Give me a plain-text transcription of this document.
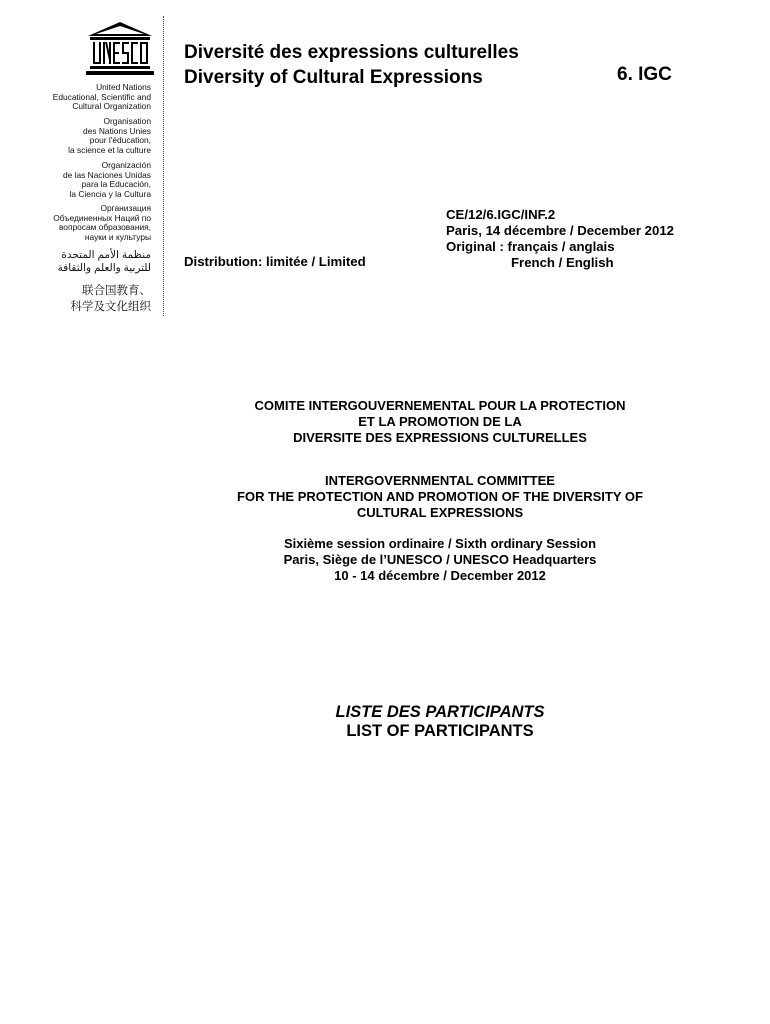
United Nations
Educational, Scientific and
Cultural Organization
Organisation
des Nations Unies
pour l'éducation,
la science et la culture
Organización
de las Naciones Unidas
para la Educación,
la Ciencia y la Cultura
Организация
Объединенных Наций по
вопросам образования,
науки и культуры
منظمة الأمم المتحدة
للتربية والعلم والثقافة
联合国教育、
科学及文化组织
Diversité des expressions culturelles
Diversity of Cultural Expressions	6. IGC
CE/12/6.IGC/INF.2
Paris, 14 décembre / December 2012
Original : français / anglais
French / English
Distribution: limitée / Limited
COMITE INTERGOUVERNEMENTAL POUR LA PROTECTION
ET LA PROMOTION DE LA
DIVERSITE DES EXPRESSIONS CULTURELLES
INTERGOVERNMENTAL COMMITTEE
FOR THE PROTECTION AND PROMOTION OF THE DIVERSITY OF
CULTURAL EXPRESSIONS
Sixième session ordinaire / Sixth ordinary Session
Paris, Siège de l’UNESCO / UNESCO Headquarters
10 - 14 décembre / December 2012
LISTE DES PARTICIPANTS
LIST OF PARTICIPANTS
